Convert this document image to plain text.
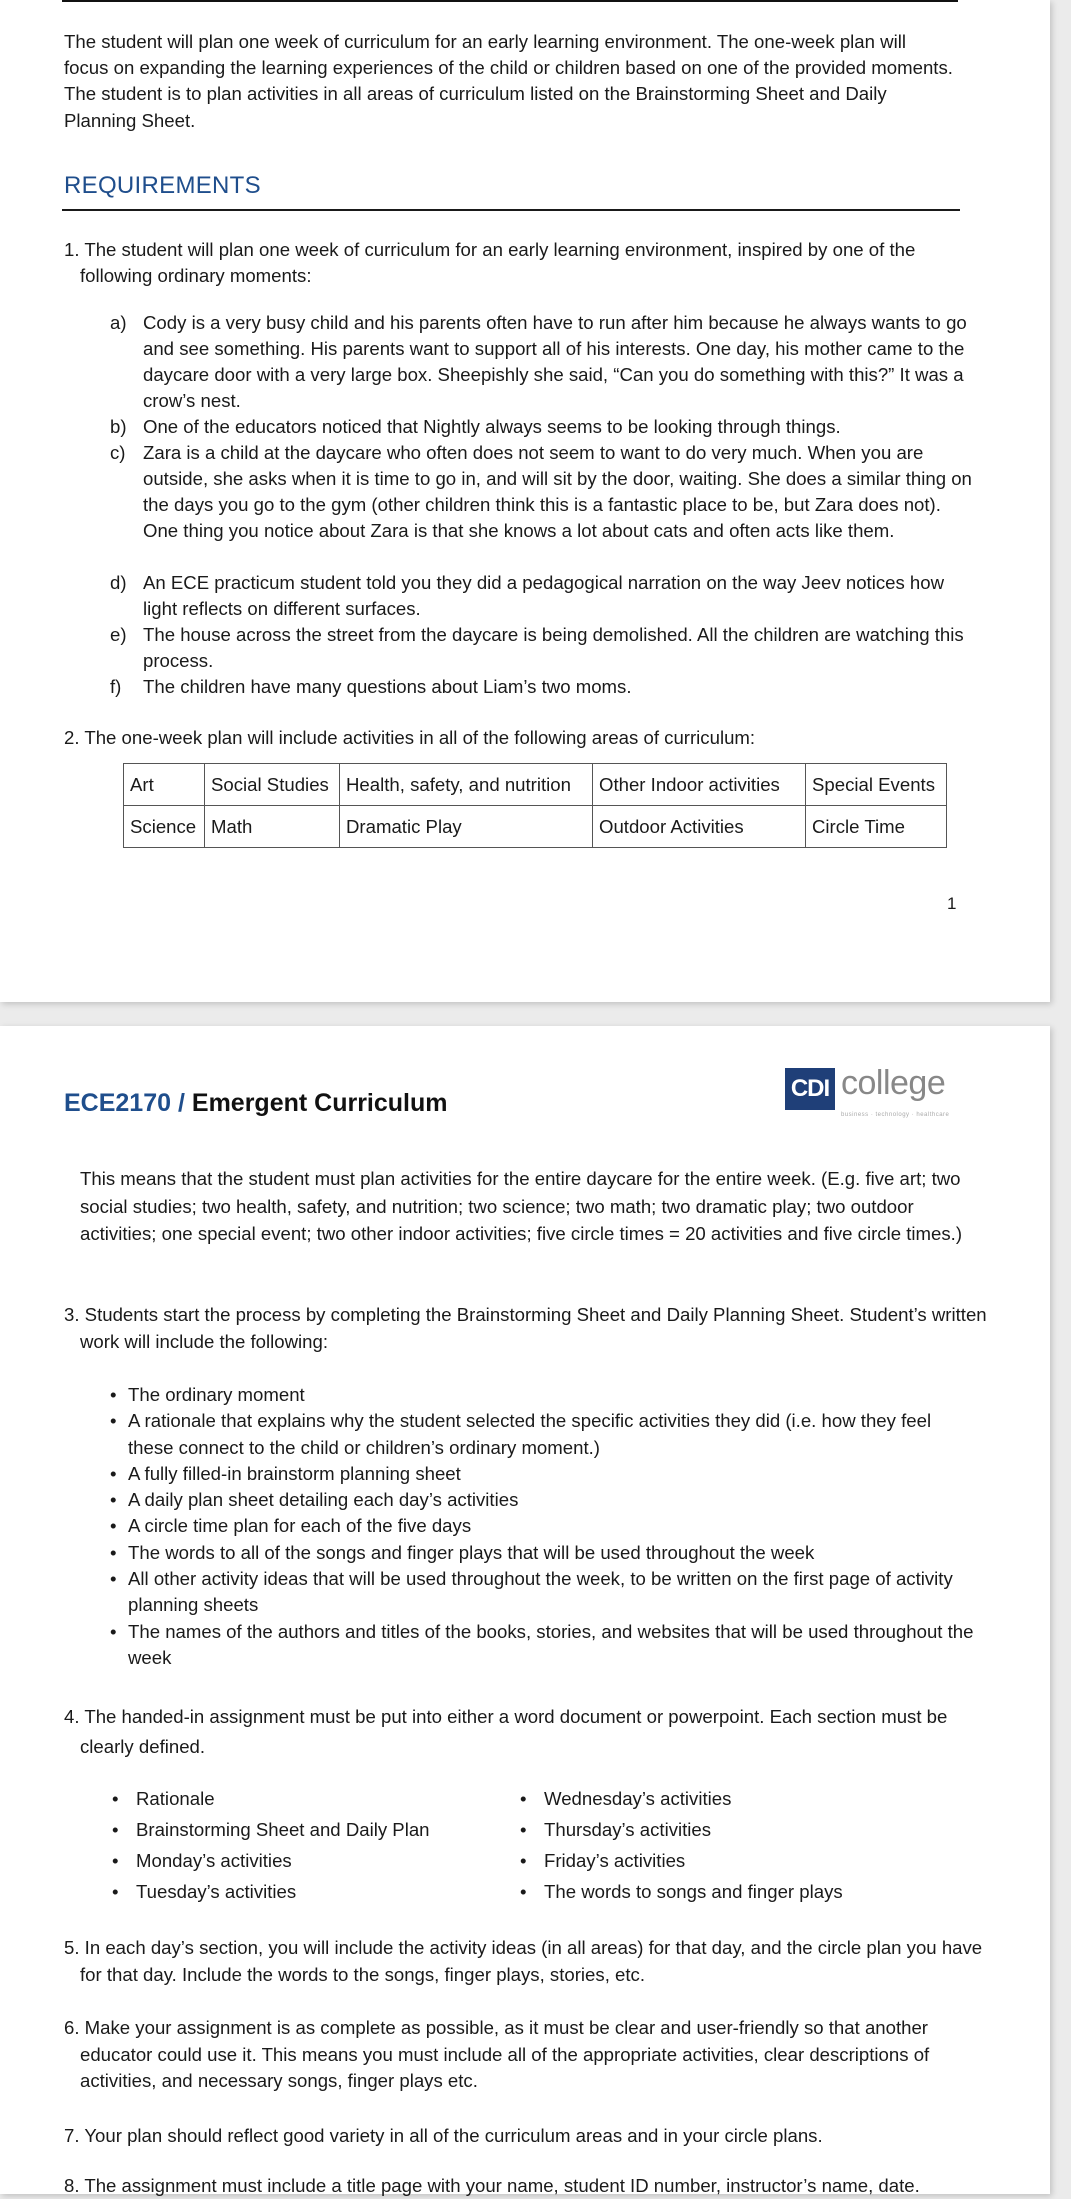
The student will plan one week of curriculum for an early learning environment. The one-week plan will focus on expanding the learning experiences of the child or children based on one of the provided moments. The student is to plan activities in all areas of curriculum listed on the Brainstorming Sheet and Daily Planning Sheet.
REQUIREMENTS
1. The student will plan one week of curriculum for an early learning environment, inspired by one of the following ordinary moments:
a) Cody is a very busy child and his parents often have to run after him because he always wants to go and see something. His parents want to support all of his interests. One day, his mother came to the daycare door with a very large box. Sheepishly she said, “Can you do something with this?” It was a crow’s nest.
b) One of the educators noticed that Nightly always seems to be looking through things.
c) Zara is a child at the daycare who often does not seem to want to do very much. When you are outside, she asks when it is time to go in, and will sit by the door, waiting. She does a similar thing on the days you go to the gym (other children think this is a fantastic place to be, but Zara does not). One thing you notice about Zara is that she knows a lot about cats and often acts like them.
d) An ECE practicum student told you they did a pedagogical narration on the way Jeev notices how light reflects on different surfaces.
e) The house across the street from the daycare is being demolished. All the children are watching this process.
f)	The children have many questions about Liam’s two moms.
2. The one-week plan will include activities in all of the following areas of curriculum:
Art	Social Studies	Health, safety, and nutrition	Other Indoor activities	Special Events
Science	Math	Dramatic Play	Outdoor Activities	Circle Time
1
ECE2170 / Emergent Curriculum
CDI college
business · technology · healthcare
This means that the student must plan activities for the entire daycare for the entire week. (E.g. five art; two social studies; two health, safety, and nutrition; two science; two math; two dramatic play; two outdoor activities; one special event; two other indoor activities; five circle times = 20 activities and five circle times.)
3. Students start the process by completing the Brainstorming Sheet and Daily Planning Sheet. Student’s written work will include the following:
• The ordinary moment
• A rationale that explains why the student selected the specific activities they did (i.e. how they feel these connect to the child or children’s ordinary moment.)
• A fully filled-in brainstorm planning sheet
• A daily plan sheet detailing each day’s activities
• A circle time plan for each of the five days
• The words to all of the songs and finger plays that will be used throughout the week
• All other activity ideas that will be used throughout the week, to be written on the first page of activity planning sheets
• The names of the authors and titles of the books, stories, and websites that will be used throughout the week
4. The handed-in assignment must be put into either a word document or powerpoint. Each section must be clearly defined.
• Rationale
• Brainstorming Sheet and Daily Plan
• Monday’s activities
• Tuesday’s activities
• Wednesday’s activities
• Thursday’s activities
• Friday’s activities
• The words to songs and finger plays
5. In each day’s section, you will include the activity ideas (in all areas) for that day, and the circle plan you have for that day. Include the words to the songs, finger plays, stories, etc.
6. Make your assignment is as complete as possible, as it must be clear and user-friendly so that another educator could use it. This means you must include all of the appropriate activities, clear descriptions of activities, and necessary songs, finger plays etc.
7. Your plan should reflect good variety in all of the curriculum areas and in your circle plans.
8. The assignment must include a title page with your name, student ID number, instructor’s name, date.
